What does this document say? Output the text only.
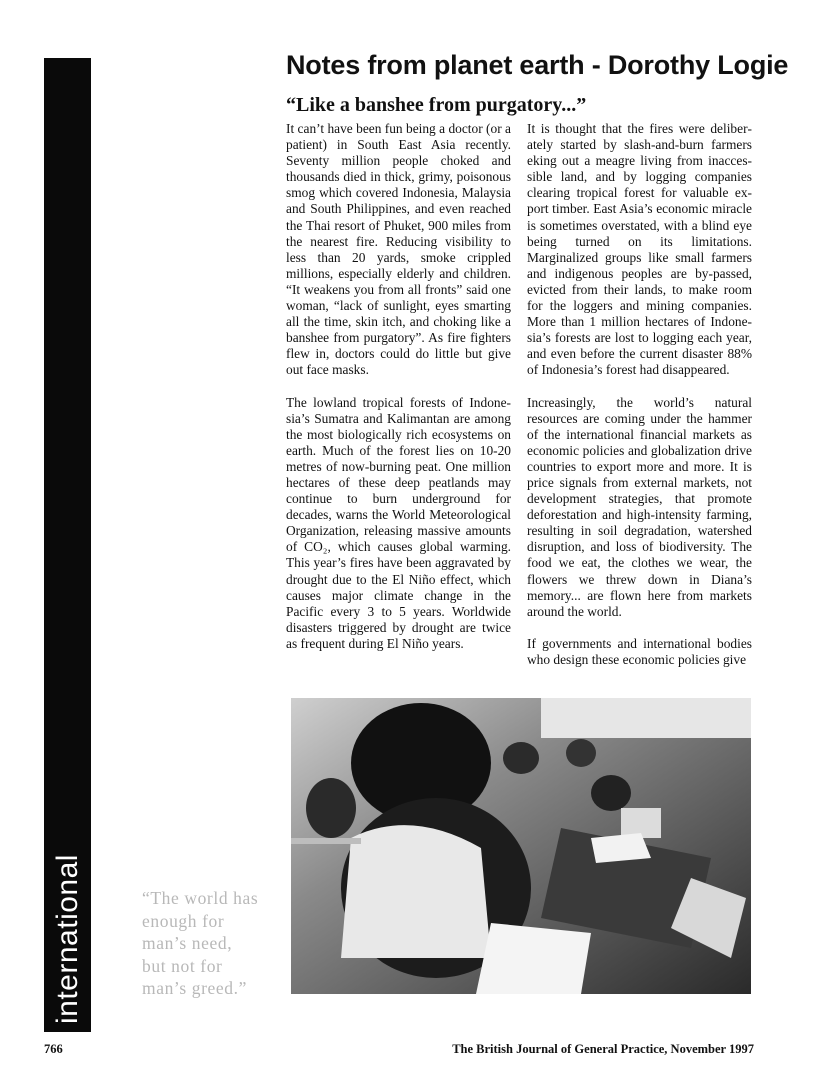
international
Notes from planet earth - Dorothy Logie
“Like a banshee from purgatory...”

It can’t have been fun being a doctor (or a patient) in South East Asia recently. Seventy million people choked and thousands died in thick, grimy, poisonous smog which covered Indonesia, Malaysia and South Philippines, and even reached the Thai resort of Phuket, 900 miles from the nearest fire. Reducing visibility to less than 20 yards, smoke crippled millions, especially elderly and children. “It weakens you from all fronts” said one woman, “lack of sunlight, eyes smarting all the time, skin itch, and choking like a banshee from purgatory”. As fire fighters flew in, doctors could do little but give out face masks.

The lowland tropical forests of Indonesia’s Sumatra and Kalimantan are among the most biologically rich ecosystems on earth. Much of the forest lies on 10-20 metres of now-burning peat. One million hectares of these deep peatlands may continue to burn underground for decades, warns the World Meteorological Organization, releasing massive amounts of CO₂, which causes global warming. This year’s fires have been aggravated by drought due to the El Niño effect, which causes major climate change in the Pacific every 3 to 5 years. Worldwide disasters triggered by drought are twice as frequent during El Niño years.

It is thought that the fires were deliberately started by slash-and-burn farmers eking out a meagre living from inaccessible land, and by logging companies clearing tropical forest for valuable export timber. East Asia’s economic miracle is sometimes overstated, with a blind eye being turned on its limitations. Marginalized groups like small farmers and indigenous peoples are by-passed, evicted from their lands, to make room for the loggers and mining companies. More than 1 million hectares of Indonesia’s forests are lost to logging each year, and even before the current disaster 88% of Indonesia’s forest had disappeared.

Increasingly, the world’s natural resources are coming under the hammer of the international financial markets as economic policies and globalization drive countries to export more and more. It is price signals from external markets, not development strategies, that promote deforestation and high-intensity farming, resulting in soil degradation, watershed disruption, and loss of biodiversity. The food we eat, the clothes we wear, the flowers we threw down in Diana’s memory... are flown here from markets around the world.

If governments and international bodies who design these economic policies give

“The world has
enough for
man’s need,
but not for
man’s greed.”
766	The British Journal of General Practice, November 1997
